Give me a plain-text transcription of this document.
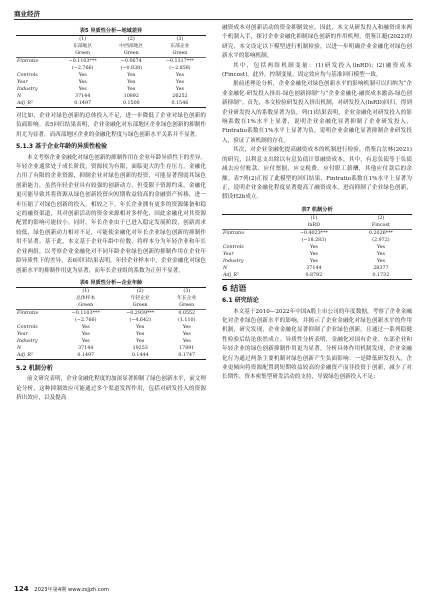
商业经济
表5 异质性分析—地域差异
	(1)	(2)	(3)
	东部地区	中西部地区	东部企业
	Green	Green	Green
Fintratio	−0.1103***	−0.0674	−0.1317***
	(−2.766)	(−0.838)	(−2.858)
Controls	Yes	Yes	Yes
Year	Yes	Yes	Yes
Industry	Yes	Yes	Yes
N	37144	10892	26252
Adj_R²	0.1497	0.1500	0.1546

对比如，企业对绿色创新的总体投入不足，进一步降低了企业对绿色创新的负面影响。表5回归结果表明，企业金融化对东部地区企业绿色创新的抑制作用尤为显著，而西部地区企业的金融化程度与绿色创新水平关系并不显著。

5.1.3 基于企业年龄的异质性检验

本文考察企业金融化对绿色创新的抑制作用在企业年龄异质性下的差异。年轻企业通常处于成长阶段，资源较为有限，面临更大的生存压力，金融化占用了有限的企业资源，抑制企业对绿色创新的投资，可能显著削弱其绿色创新能力，虽然年轻企业具有较强的创新动力，但受限于资源约束，金融化更可能导致其将资源从绿色创新投资向短期收益较高的金融资产转移，进一步压缩了对绿色创新的投入，相较之下，年长企业拥有更多的资源储备和稳定的融资渠道，其对创新活动的资金来源相对多样化，因此金融化对其资源配置的影响可能较小。同时，年长企业由于已进入稳定发展阶段，创新需求较低，绿色创新动力相对不足，可能使金融化对年长企业绿色创新的抑制作用不显著。基于此，本文基于企业年龄中位数，将样本分为年轻企业和年长企业两组，以考察企业金融化对不同年龄企业绿色创新的抑制作用在企业年龄异质性下的差异。表6回归结果表明，年轻企业样本中，企业金融化对绿色创新水平的抑制作用更为显著，而年长企业组的系数为正但不显著。

表6 异质性分析—企业年龄
	(1)	(2)	(3)
	总体样本	年轻企业	年长企业
	Green	Green	Green
Fintratio	−0.1103***	−0.2939***	0.0552
	(−2.766)	(−4.642)	(1.110)
Controls	Yes	Yes	Yes
Year	Yes	Yes	Yes
Industry	Yes	Yes	Yes
N	37144	19253	17891
Adj_R²	0.1497	0.1444	0.1747
5.2 机制分析

前文研究表明，企业金融化程度的加深显著抑制了绿色创新水平，前文理论分析，这种抑制效应可能通过多个渠道发挥作用，包括对研发投入的资源挤出效应，以及提高

融资成本对创新活动的资金抑制效应。因此，本文从研发投入和融资成本两个机制入手，探讨企业金融化抑制绿色创新的作用机理。借鉴江艇(2022)的研究，本文设定以下模型进行机制检验，以进一步明确企业金融化对绿色创新水平的影响机制。

其中，包括两组机制变量：(1)研发投入(lnRD)；(2)融资成本(Fincost)。此外，控制变量、固定效应均与基准回归模型一致。

据前述理论分析，企业金融化对绿色创新水平的影响机制可以归纳为“企业金融化-研发投入挤出-绿色创新抑制”与“企业金融化-融资成本激高-绿色创新抑制”。首先，本文检验研发投入挤出机制，对研发投入(lnRD)回归，得到企业研发投入的系数显著为负，列(1)结果表明，企业金融化对研发投入的影响系数在1%水平上显著，说明企业金融化显著抑制了企业研发投入，Fintratio系数在1%水平上显著为负，说明企业金融化显著抑制企业研发投入，验证了该机制的存在。

其次，对企业金融化提高融资成本的机制进行检验，借鉴白岔林(2021)的研究，以利息支出除以有息负债计算融资成本，其中，有息负债等于负债减去应付账款、应付票据、应交税费、应付职工薪酬，其他应付款后的余额。表7列(2)汇报了此模型的回归结果，Fintratio系数在1%水平上显著为正，说明企业金融化程度显著提高了融资成本，进而抑制了企业绿色创新，假设H2b成立。

表7 机制分析
	(1)	(2)
	lnRD	Fincost
Fintratio	−0.4023***	0.2026***
	(−18.283)	(2.972)
Controls	Yes	Yes
Year	Yes	Yes
Industry	Yes	Yes
N	37144	28377
Adj_R²	0.8792	0.1732
6 结语
6.1 研究结论

本文基于2010—2022年中国A股上市公司的年度数据，考察了企业金融化对企业绿色创新水平的影响，并揭示了企业金融化对绿色创新水平的作用机制，研究发现，企业金融化显著抑制了企业绿色创新，且通过一系列稳健性检验后结论依然成立。异质性分析表明，金融化对国有企业、东部企业和年轻企业的绿色创新抑制作用更为显著。分析具体作用机制发现，企业金融化行为通过两条主要机制对绿色创新产生负面影响：一是降低研发投入，企业更倾向将资源配置到短期收益较高的金融资产而非投资于创新，减少了对长期性、资本密集型研发活动的支持，导致绿色创新投入不足；

124 2023年第4期 www.zsjjzh.com
